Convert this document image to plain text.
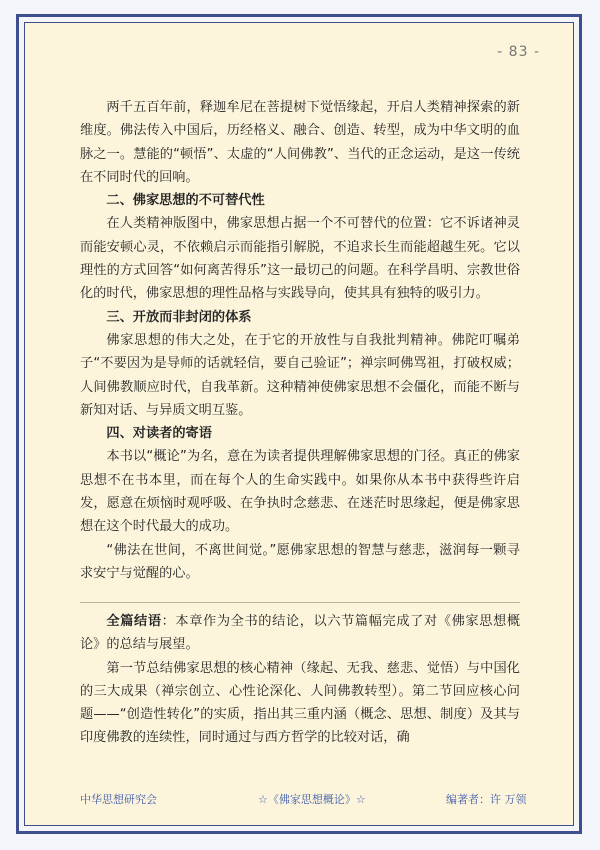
- 83 -

两千五百年前，释迦牟尼在菩提树下觉悟缘起，开启人类精神探索的新维度。佛法传入中国后，历经格义、融合、创造、转型，成为中华文明的血脉之一。慧能的“顿悟”、太虚的“人间佛教”、当代的正念运动，是这一传统在不同时代的回响。

二、佛家思想的不可替代性

在人类精神版图中，佛家思想占据一个不可替代的位置：它不诉诸神灵而能安顿心灵，不依赖启示而能指引解脱，不追求长生而能超越生死。它以理性的方式回答“如何离苦得乐”这一最切己的问题。在科学昌明、宗教世俗化的时代，佛家思想的理性品格与实践导向，使其具有独特的吸引力。

三、开放而非封闭的体系

佛家思想的伟大之处，在于它的开放性与自我批判精神。佛陀叮嘱弟子“不要因为是导师的话就轻信，要自己验证”；禅宗呵佛骂祖，打破权威；人间佛教顺应时代，自我革新。这种精神使佛家思想不会僵化，而能不断与新知对话、与异质文明互鉴。

四、对读者的寄语

本书以“概论”为名，意在为读者提供理解佛家思想的门径。真正的佛家思想不在书本里，而在每个人的生命实践中。如果你从本书中获得些许启发，愿意在烦恼时观呼吸、在争执时念慈悲、在迷茫时思缘起，便是佛家思想在这个时代最大的成功。

“佛法在世间，不离世间觉。”愿佛家思想的智慧与慈悲，滋润每一颗寻求安宁与觉醒的心。

全篇结语：本章作为全书的结论，以六节篇幅完成了对《佛家思想概论》的总结与展望。

第一节总结佛家思想的核心精神（缘起、无我、慈悲、觉悟）与中国化的三大成果（禅宗创立、心性论深化、人间佛教转型）。第二节回应核心问题——“创造性转化”的实质，指出其三重内涵（概念、思想、制度）及其与印度佛教的连续性，同时通过与西方哲学的比较对话，确

中华思想研究会	☆《佛家思想概论》☆	编著者：许 万领
